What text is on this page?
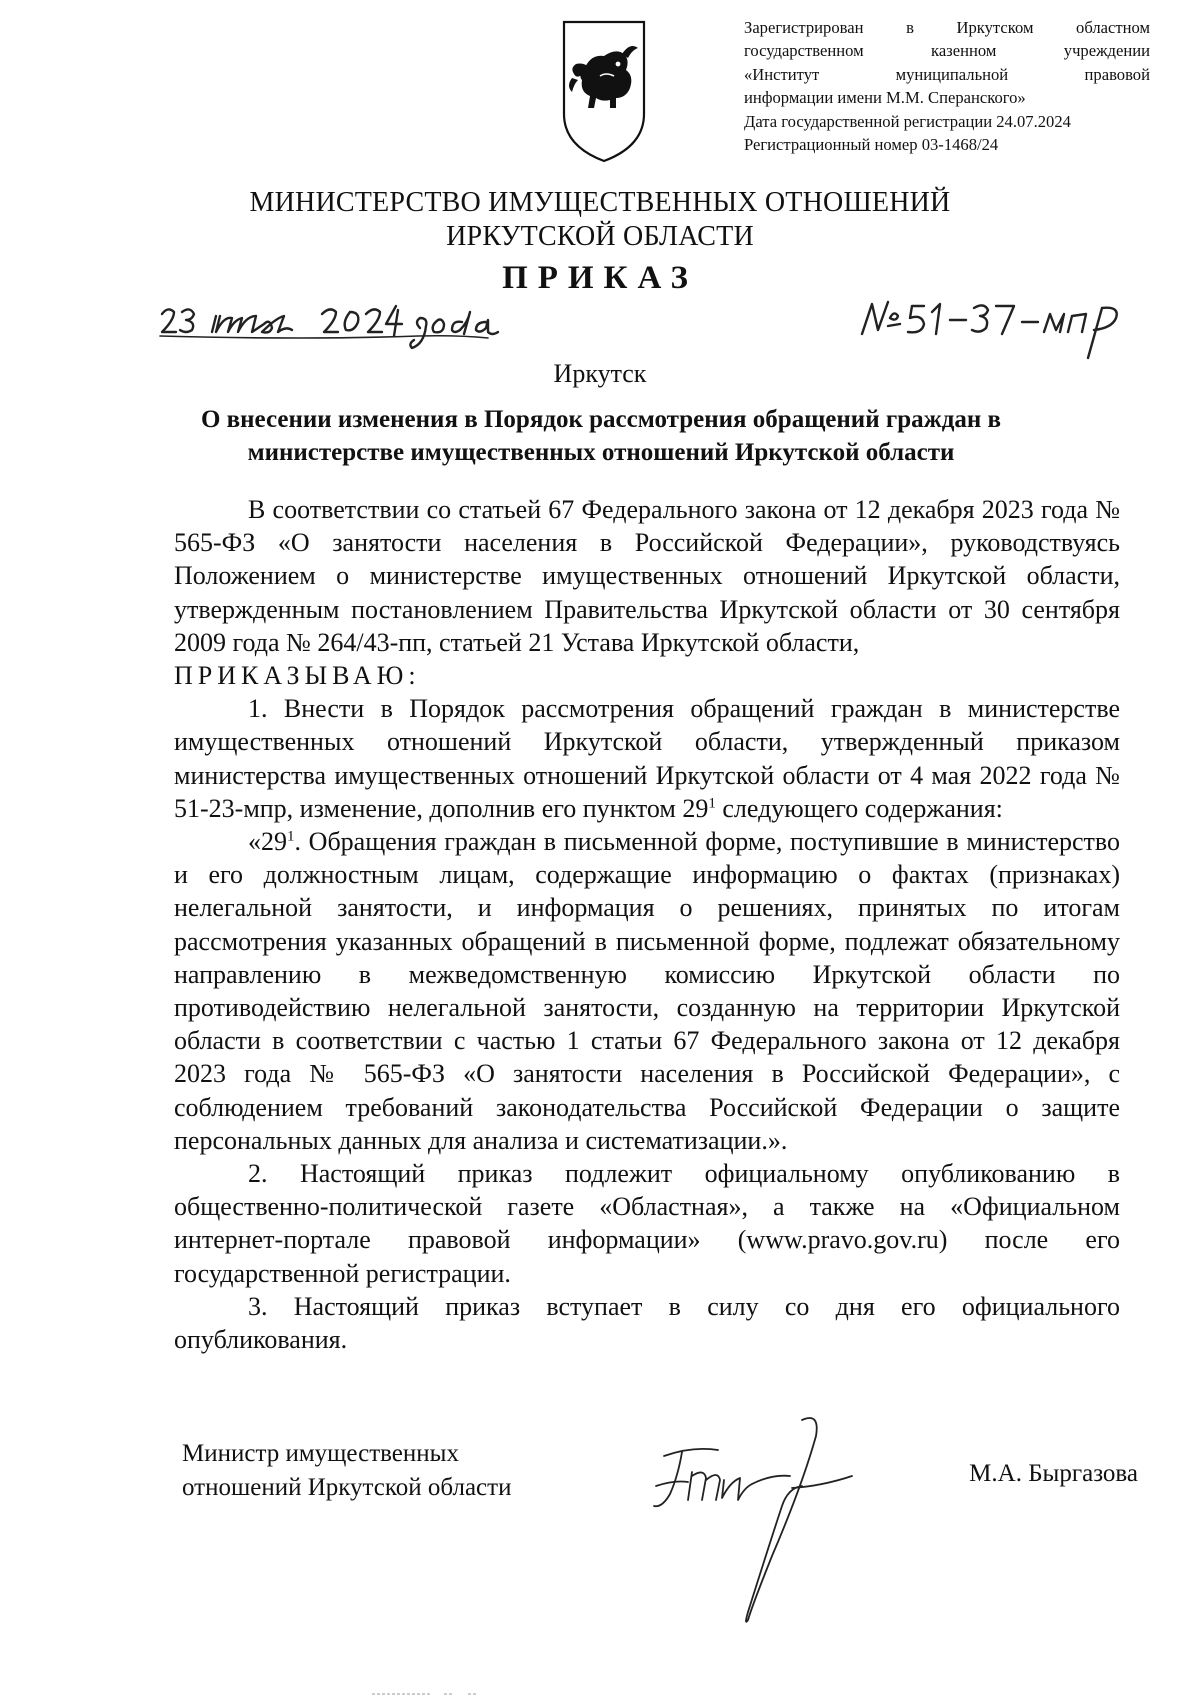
Зарегистрирован в Иркутском областном
государственном казенном учреждении
«Институт муниципальной правовой
информации имени М.М. Сперанского»
Дата государственной регистрации 24.07.2024
Регистрационный номер 03-1468/24
МИНИСТЕРСТВО ИМУЩЕСТВЕННЫХ ОТНОШЕНИЙ
ИРКУТСКОЙ ОБЛАСТИ
ПРИКАЗ
Иркутск
О внесении изменения в Порядок рассмотрения обращений граждан в
министерстве имущественных отношений Иркутской области

В соответствии со статьей 67 Федерального закона от 12 декабря 2023 года № 565-ФЗ «О занятости населения в Российской Федерации», руководствуясь Положением о министерстве имущественных отношений Иркутской области, утвержденным постановлением Правительства Иркутской области от 30 сентября 2009 года № 264/43-пп, статьей 21 Устава Иркутской области,

ПРИКАЗЫВАЮ:

1. Внести в Порядок рассмотрения обращений граждан в министерстве имущественных отношений Иркутской области, утвержденный приказом министерства имущественных отношений Иркутской области от 4 мая 2022 года № 51-23-мпр, изменение, дополнив его пунктом $29^1$ следующего содержания:

«$29^1$. Обращения граждан в письменной форме, поступившие в министерство и его должностным лицам, содержащие информацию о фактах (признаках) нелегальной занятости, и информация о решениях, принятых по итогам рассмотрения указанных обращений в письменной форме, подлежат обязательному направлению в межведомственную комиссию Иркутской области по противодействию нелегальной занятости, созданную на территории Иркутской области в соответствии с частью 1 статьи 67 Федерального закона от 12 декабря 2023 года № 565-ФЗ «О занятости населения в Российской Федерации», с соблюдением требований законодательства Российской Федерации о защите персональных данных для анализа и систематизации.».

2. Настоящий приказ подлежит официальному опубликованию в общественно-политической газете «Областная», а также на «Официальном интернет-портале правовой информации» (www.pravo.gov.ru) после его государственной регистрации.

3. Настоящий приказ вступает в силу со дня его официального опубликования.

Министр имущественных
отношений Иркутской области
М.А. Быргазова
